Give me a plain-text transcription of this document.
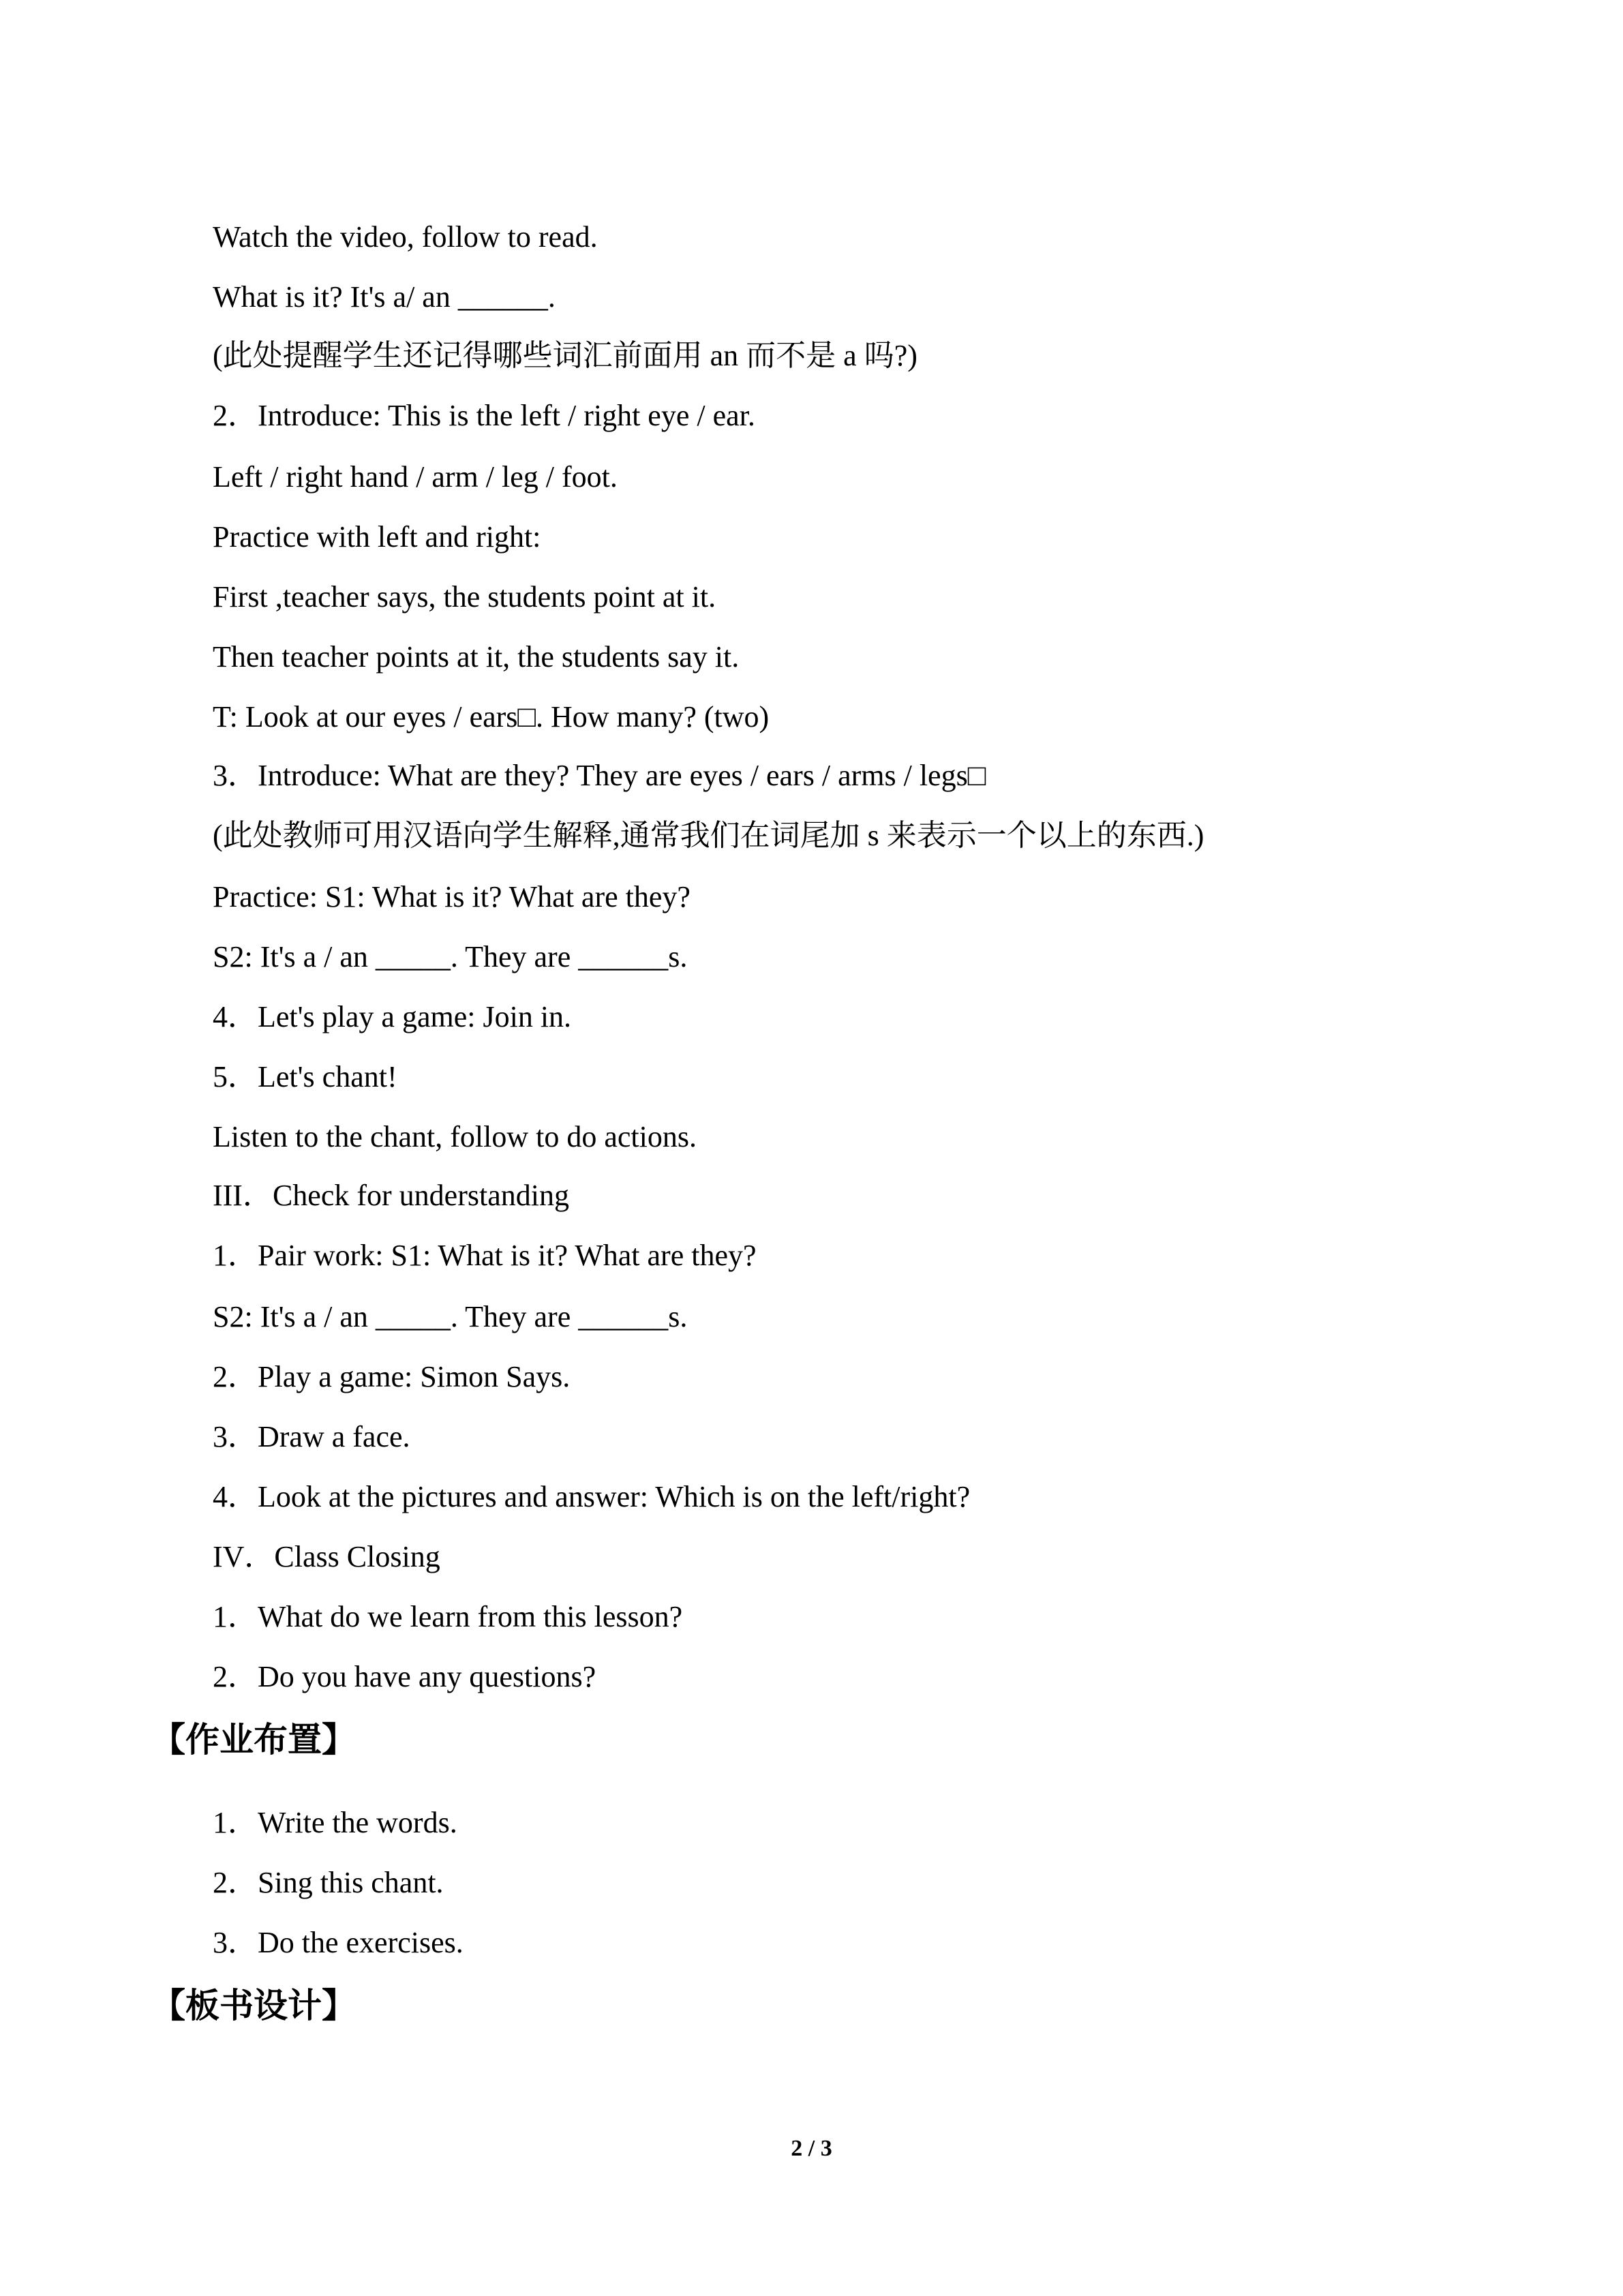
Watch the video, follow to read.
What is it? It's a/ an ______.
(此处提醒学生还记得哪些词汇前面用 an 而不是 a 吗?)
2．Introduce: This is the left / right eye / ear.
Left / right hand / arm / leg / foot.
Practice with left and right:
First ,teacher says, the students point at it.
Then teacher points at it, the students say it.
T: Look at our eyes / ears□. How many? (two)
3．Introduce: What are they? They are eyes / ears / arms / legs□
(此处教师可用汉语向学生解释,通常我们在词尾加 s 来表示一个以上的东西.)
Practice: S1: What is it? What are they?
S2: It's a / an _____. They are ______s.
4．Let's play a game: Join in.
5．Let's chant!
Listen to the chant, follow to do actions.
III．Check for understanding
1．Pair work: S1: What is it? What are they?
S2: It's a / an _____. They are ______s.
2．Play a game: Simon Says.
3．Draw a face.
4．Look at the pictures and answer: Which is on the left/right?
IV．Class Closing
1．What do we learn from this lesson?
2．Do you have any questions?
【作业布置】
1．Write the words.
2．Sing this chant.
3．Do the exercises.
【板书设计】
2 / 3
